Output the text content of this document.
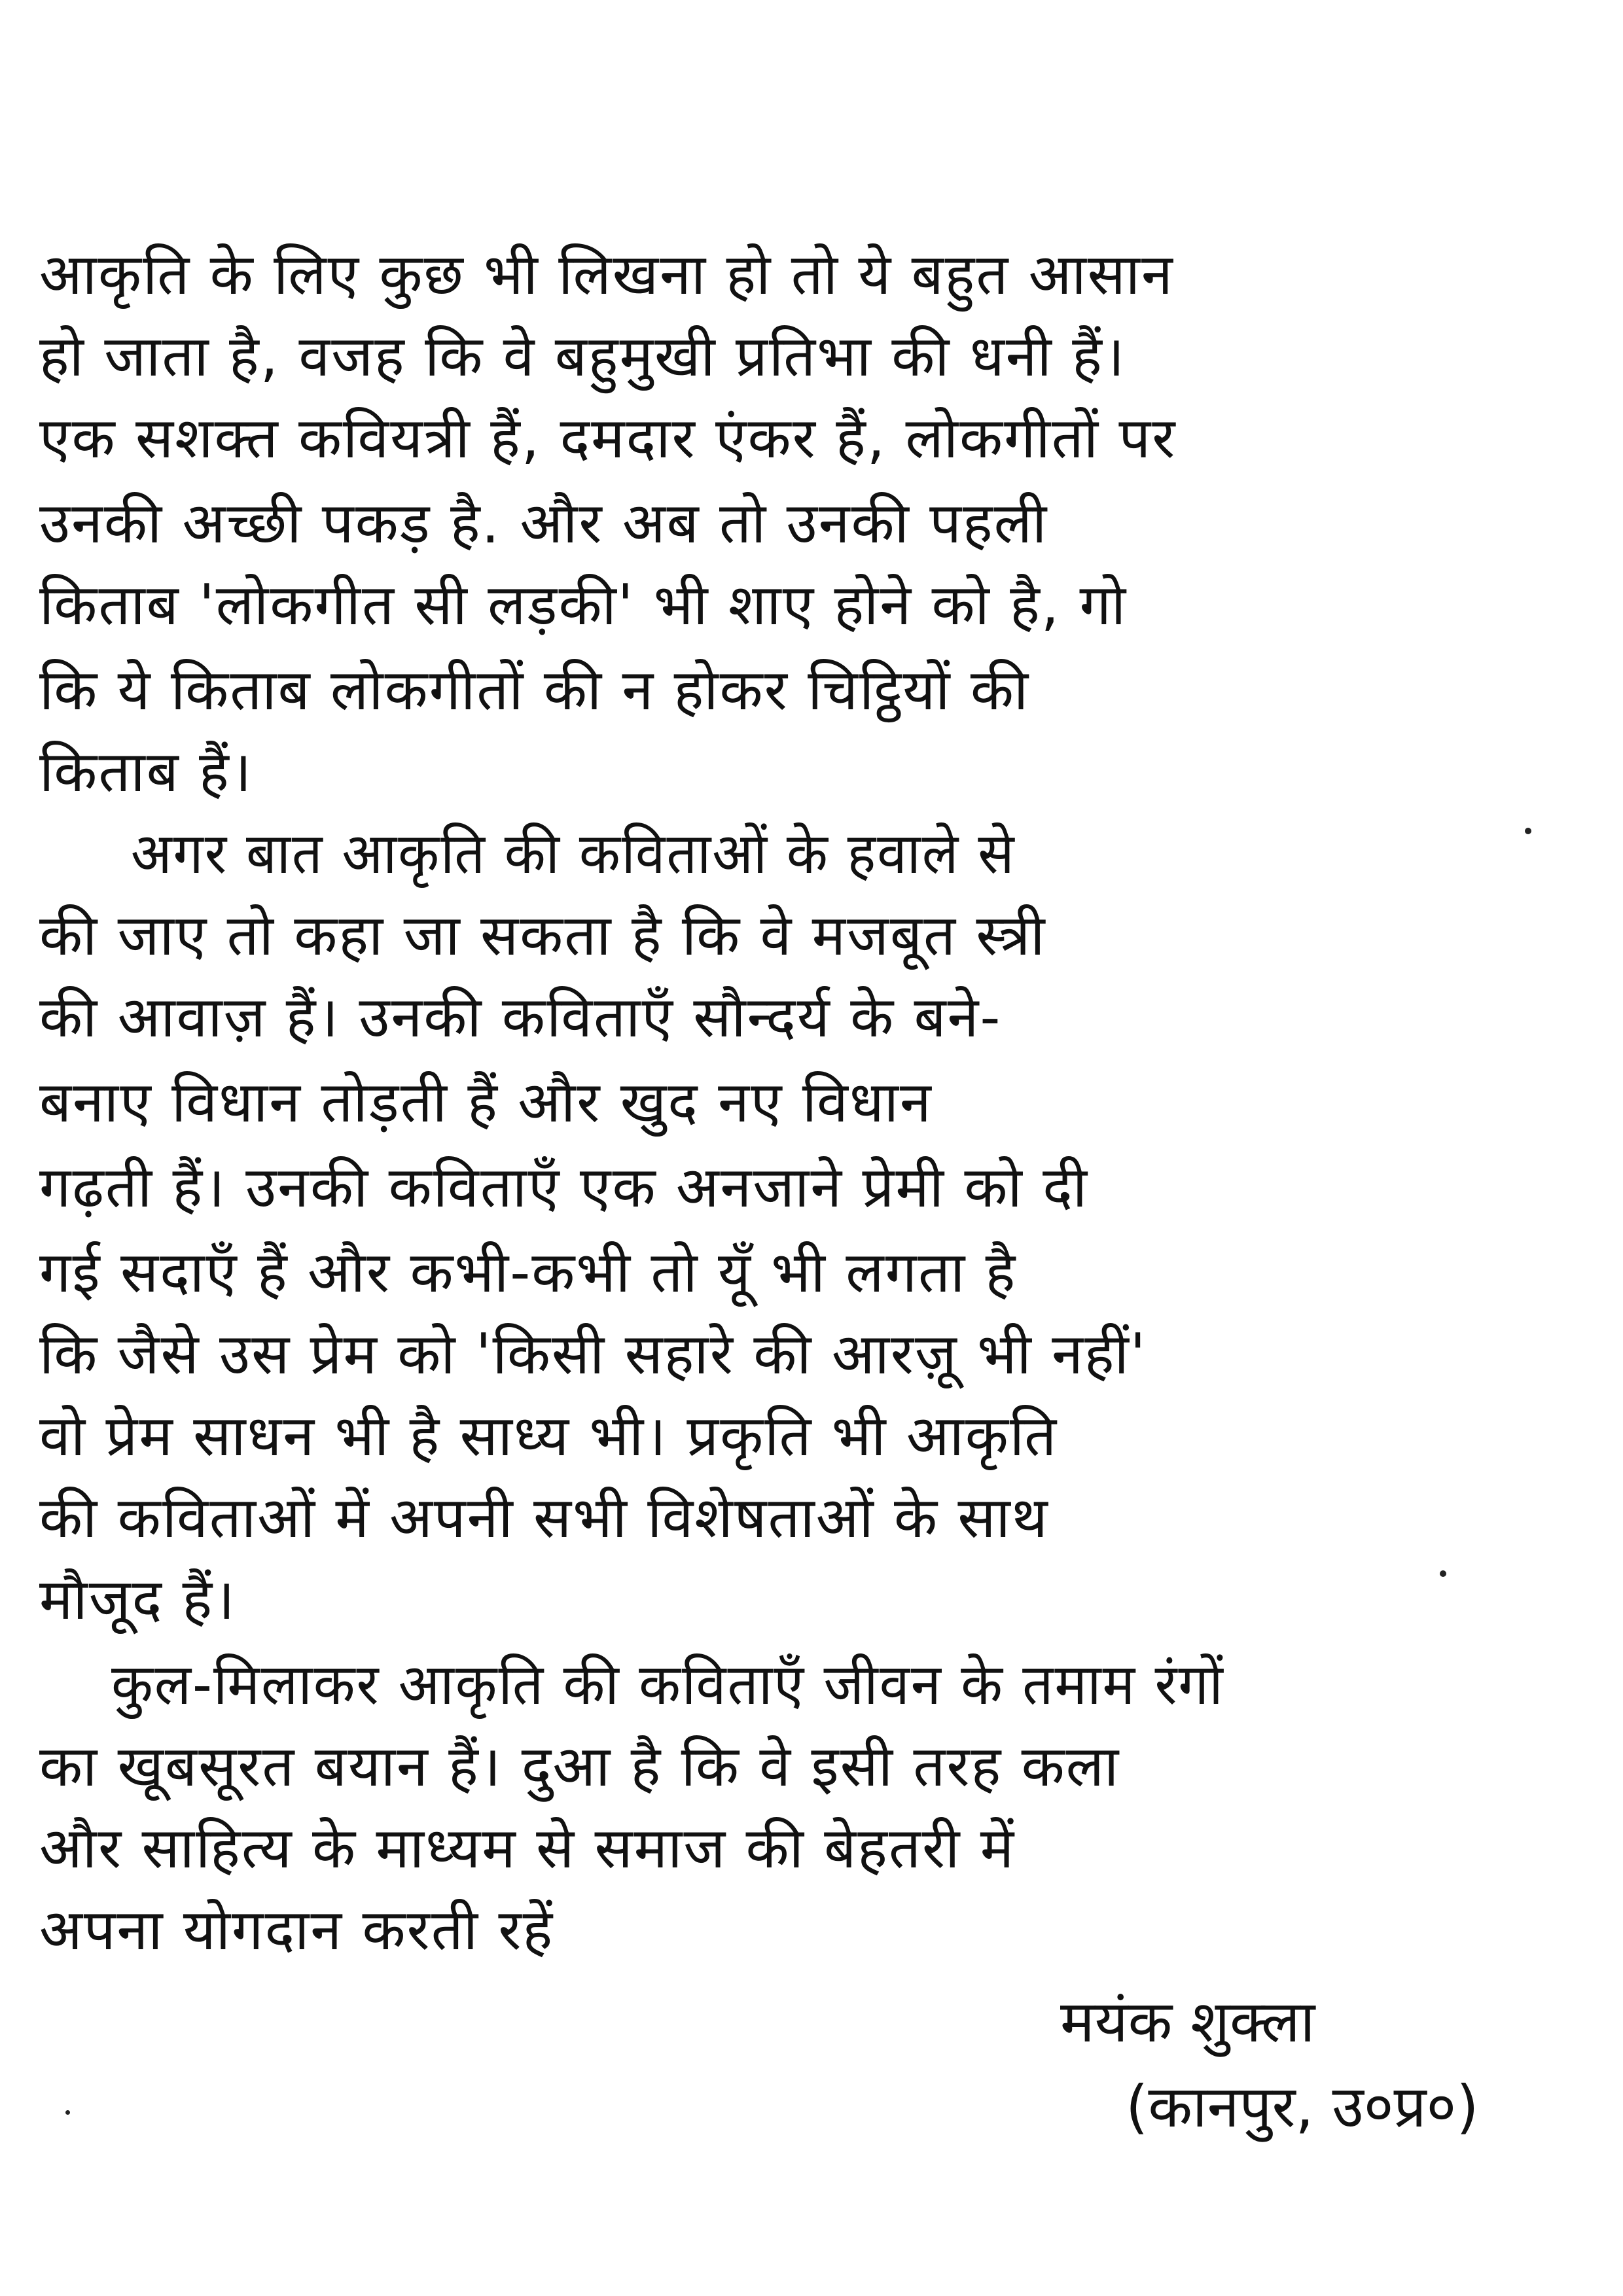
आकृति के लिए कुछ भी लिखना हो तो ये बहुत आसान
हो जाता है, वजह कि वे बहुमुखी प्रतिभा की धनी हैं।
एक सशक्त कवियत्री हैं, दमदार एंकर हैं, लोकगीतों पर
उनकी अच्छी पकड़ है. और अब तो उनकी पहली
किताब 'लोकगीत सी लड़की' भी शाए होने को है, गो
कि ये किताब लोकगीतों की न होकर चिट्ठियों की
किताब हैं।
अगर बात आकृति की कविताओं के हवाले से
की जाए तो कहा जा सकता है कि वे मजबूत स्त्री
की आवाज़ हैं। उनकी कविताएँ सौन्दर्य के बने-
बनाए विधान तोड़ती हैं और खुद नए विधान
गढ़ती हैं। उनकी कविताएँ एक अनजाने प्रेमी को दी
गई सदाएँ हैं और कभी-कभी तो यूँ भी लगता है
कि जैसे उस प्रेम को 'किसी सहारे की आरज़ू भी नहीं'
वो प्रेम साधन भी है साध्य भी। प्रकृति भी आकृति
की कविताओं में अपनी सभी विशेषताओं के साथ
मौजूद हैं।
कुल-मिलाकर आकृति की कविताएँ जीवन के तमाम रंगों
का खूबसूरत बयान हैं। दुआ है कि वे इसी तरह कला
और साहित्य के माध्यम से समाज की बेहतरी में
अपना योगदान करती रहें
मयंक शुक्ला
(कानपुर, उ०प्र०)
